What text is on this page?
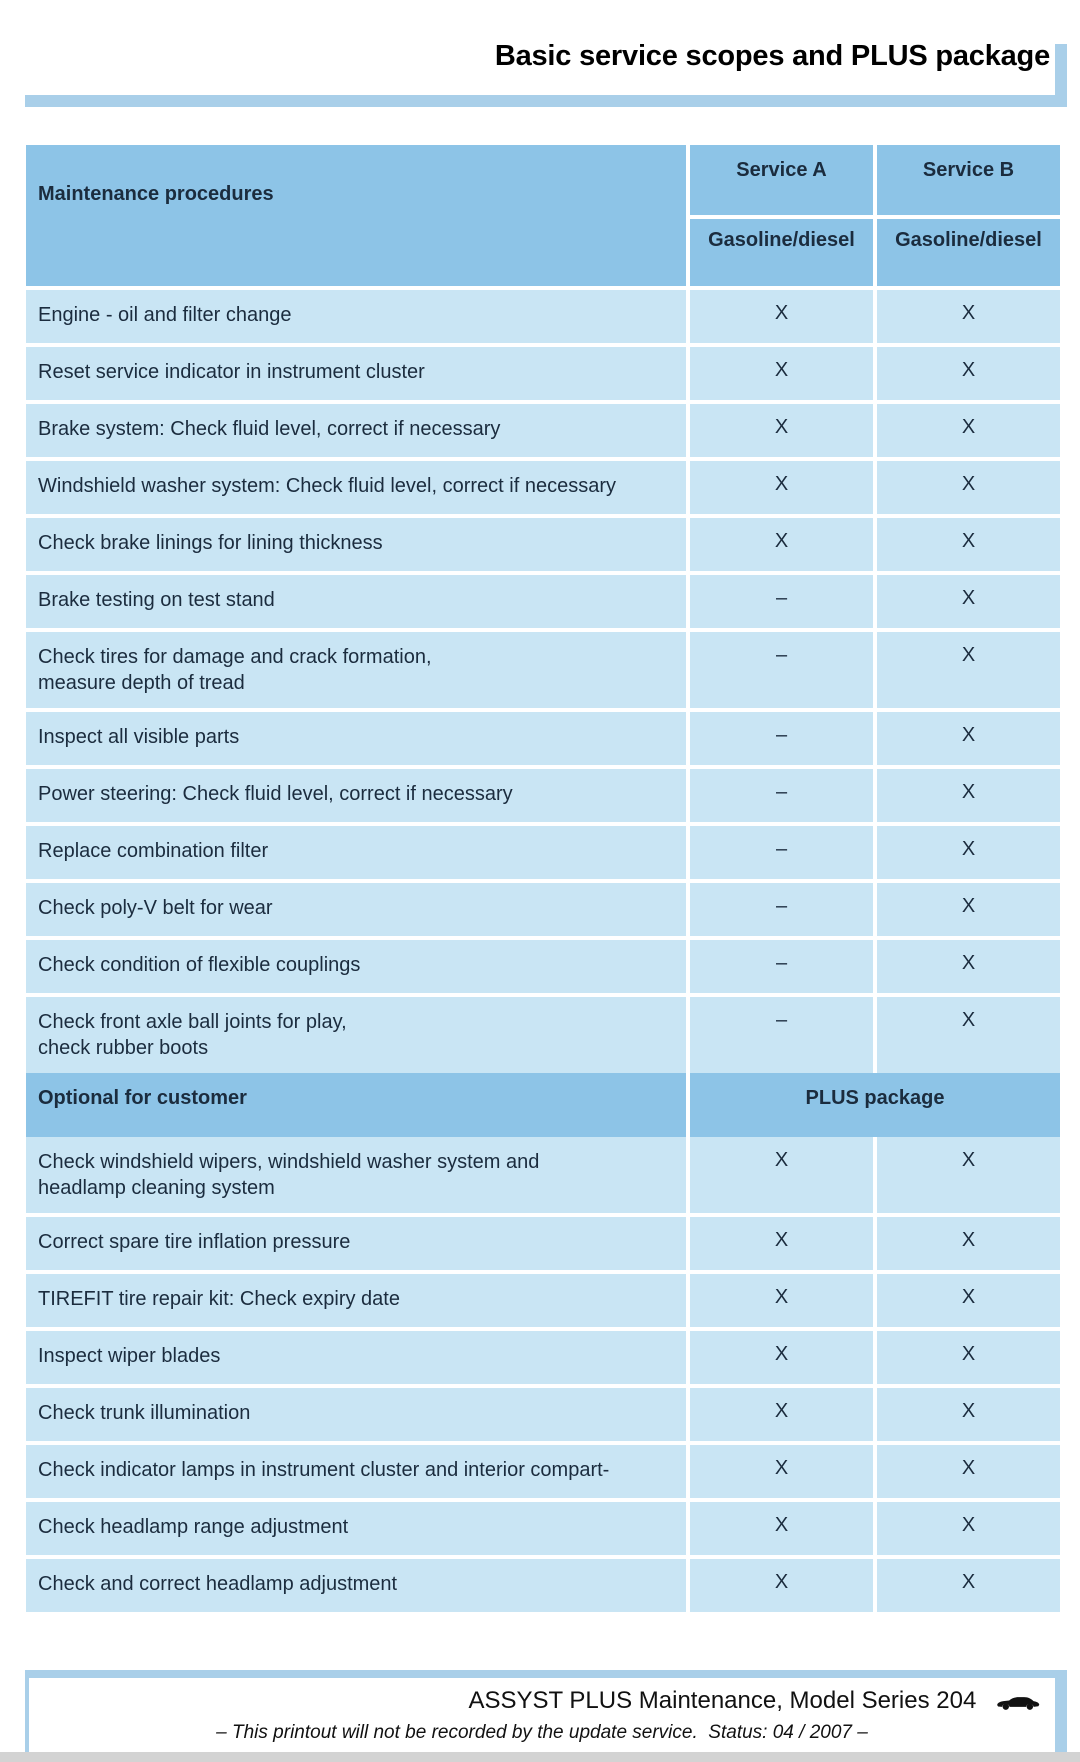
Basic service scopes and PLUS package
Maintenance procedures
Service A	Service B
Gasoline/diesel	Gasoline/diesel
Engine - oil and filter change	X	X
Reset service indicator in instrument cluster	X	X
Brake system: Check fluid level, correct if necessary	X	X
Windshield washer system: Check fluid level, correct if necessary	X	X
Check brake linings for lining thickness	X	X
Brake testing on test stand	–	X
Check tires for damage and crack formation,
measure depth of tread
–	X
Inspect all visible parts	–	X
Power steering: Check fluid level, correct if necessary	–	X
Replace combination filter	–	X
Check poly-V belt for wear	–	X
Check condition of flexible couplings	–	X
Check front axle ball joints for play,
check rubber boots
–	X
Optional for customer	PLUS package
Check windshield wipers, windshield washer system and
headlamp cleaning system
X	X
Correct spare tire inflation pressure	X	X
TIREFIT tire repair kit: Check expiry date	X	X
Inspect wiper blades	X	X
Check trunk illumination	X	X
Check indicator lamps in instrument cluster and interior compart-	X	X
Check headlamp range adjustment	X	X
Check and correct headlamp adjustment	X	X
ASSYST PLUS Maintenance, Model Series 204
– This printout will not be recorded by the update service.  Status: 04 / 2007 –
